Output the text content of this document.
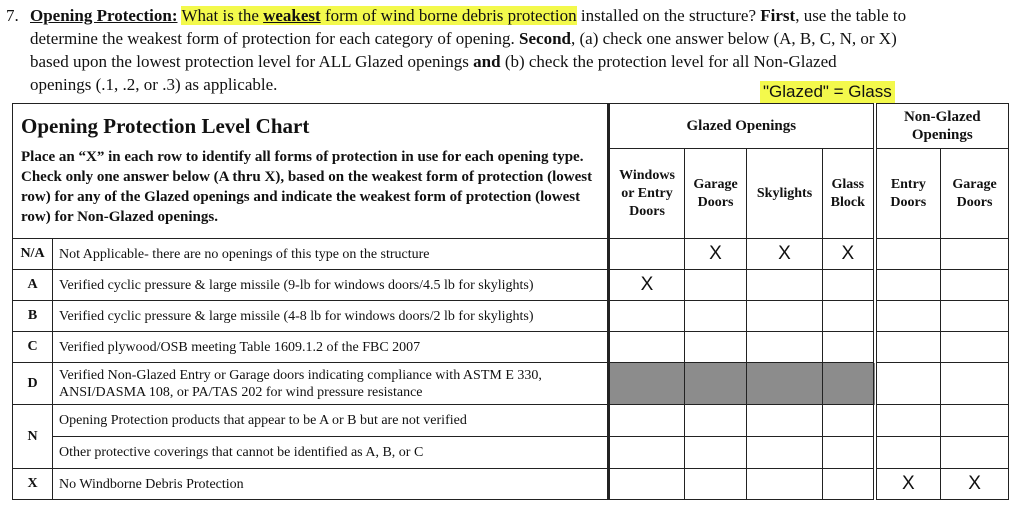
7. Opening Protection: What is the weakest form of wind borne debris protection installed on the structure? First, use the table to
determine the weakest form of protection for each category of opening. Second, (a) check one answer below (A, B, C, N, or X)
based upon the lowest protection level for ALL Glazed openings and (b) check the protection level for all Non-Glazed
openings (.1, .2, or .3) as applicable.	"Glazed" = Glass
Opening Protection Level Chart
Place an “X” in each row to identify all forms of protection in use for each opening type. Check only one answer below (A thru X), based on the weakest form of protection (lowest row) for any of the Glazed openings and indicate the weakest form of protection (lowest row) for Non-Glazed openings.		Glazed Openings				Non-Glazed Openings	
		Windows or Entry Doors	Garage Doors	Skylights	Glass Block	Entry Doors	Garage Doors
N/A	Not Applicable- there are no openings of this type on the structure		X	X	X		
A	Verified cyclic pressure & large missile (9-lb for windows doors/4.5 lb for skylights)	X					
B	Verified cyclic pressure & large missile (4-8 lb for windows doors/2 lb for skylights)						
C	Verified plywood/OSB meeting Table 1609.1.2 of the FBC 2007						
D	Verified Non-Glazed Entry or Garage doors indicating compliance with ASTM E 330, ANSI/DASMA 108, or PA/TAS 202 for wind pressure resistance						
N	Opening Protection products that appear to be A or B but are not verified						
	Other protective coverings that cannot be identified as A, B, or C						
X	No Windborne Debris Protection					X	X
